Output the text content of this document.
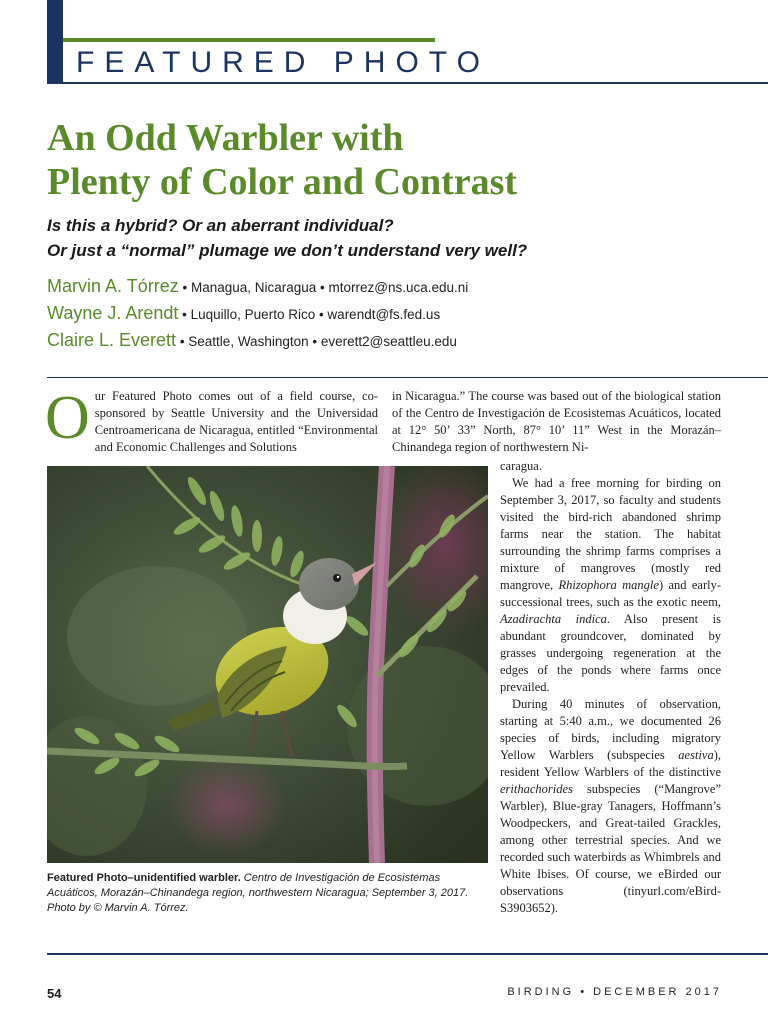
FEATURED PHOTO
An Odd Warbler with
Plenty of Color and Contrast
Is this a hybrid? Or an aberrant individual?
Or just a “normal” plumage we don’t understand very well?
Marvin A. Tórrez • Managua, Nicaragua • mtorrez@ns.uca.edu.ni
Wayne J. Arendt • Luquillo, Puerto Rico • warendt@fs.fed.us
Claire L. Everett • Seattle, Washington • everett2@seattleu.edu
O ur Featured Photo comes out of a field course, co-sponsored by Seattle University and the Universidad Centroamericana de Nicaragua, entitled “Environmental and Economic Challenges and Solutions
in Nicaragua.” The course was based out of the biological station of the Centro de Investigación de Ecosistemas Acuáticos, located at 12° 50’ 33” North, 87° 10’ 11” West in the Morazán–Chinandega region of northwestern Ni-

caragua.

We had a free morning for birding on September 3, 2017, so faculty and students visited the bird-rich abandoned shrimp farms near the station. The habitat surrounding the shrimp farms comprises a mixture of mangroves (mostly red mangrove, Rhizophora mangle) and early-successional trees, such as the exotic neem, Azadirachta indica. Also present is abundant groundcover, dominated by grasses undergoing regeneration at the edges of the ponds where farms once prevailed.

During 40 minutes of observation, starting at 5:40 a.m., we documented 26 species of birds, including migratory Yellow Warblers (subspecies aestiva), resident Yellow Warblers of the distinctive erithachorides subspecies (“Mangrove” Warbler), Blue-gray Tanagers, Hoffmann’s Woodpeckers, and Great-tailed Grackles, among other terrestrial species. And we recorded such waterbirds as Whimbrels and White Ibises. Of course, we eBirded our observations (tinyurl.com/eBird-S3903652).

Featured Photo–unidentified warbler. Centro de Investigación de Ecosistemas Acuáticos, Morazán–Chinandega region, northwestern Nicaragua; September 3, 2017. Photo by © Marvin A. Tórrez.
54	BIRDING • DECEMBER 2017
